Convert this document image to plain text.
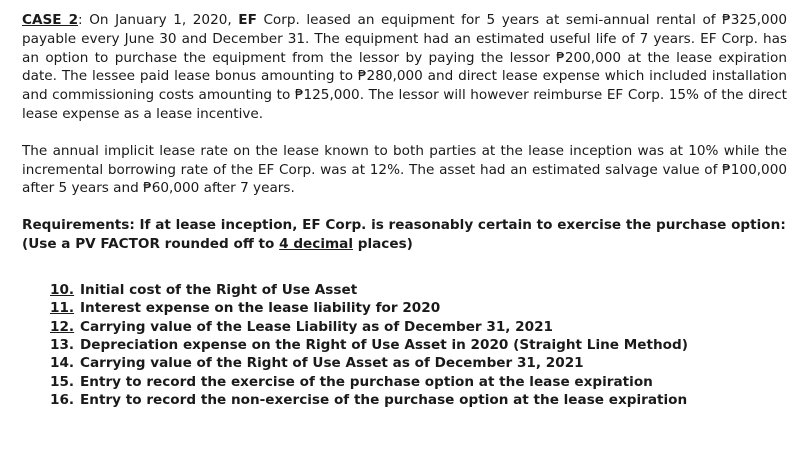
CASE 2: On January 1, 2020, EF Corp. leased an equipment for 5 years at semi-annual rental of ₱325,000 payable every June 30 and December 31. The equipment had an estimated useful life of 7 years. EF Corp. has an option to purchase the equipment from the lessor by paying the lessor ₱200,000 at the lease expiration date. The lessee paid lease bonus amounting to ₱280,000 and direct lease expense which included installation and commissioning costs amounting to ₱125,000. The lessor will however reimburse EF Corp. 15% of the direct lease expense as a lease incentive.

The annual implicit lease rate on the lease known to both parties at the lease inception was at 10% while the incremental borrowing rate of the EF Corp. was at 12%. The asset had an estimated salvage value of ₱100,000 after 5 years and ₱60,000 after 7 years.

Requirements: If at lease inception, EF Corp. is reasonably certain to exercise the purchase option: (Use a PV FACTOR rounded off to 4 decimal places)
10. Initial cost of the Right of Use Asset
11. Interest expense on the lease liability for 2020
12. Carrying value of the Lease Liability as of December 31, 2021
13. Depreciation expense on the Right of Use Asset in 2020 (Straight Line Method)
14. Carrying value of the Right of Use Asset as of December 31, 2021
15. Entry to record the exercise of the purchase option at the lease expiration
16. Entry to record the non-exercise of the purchase option at the lease expiration
